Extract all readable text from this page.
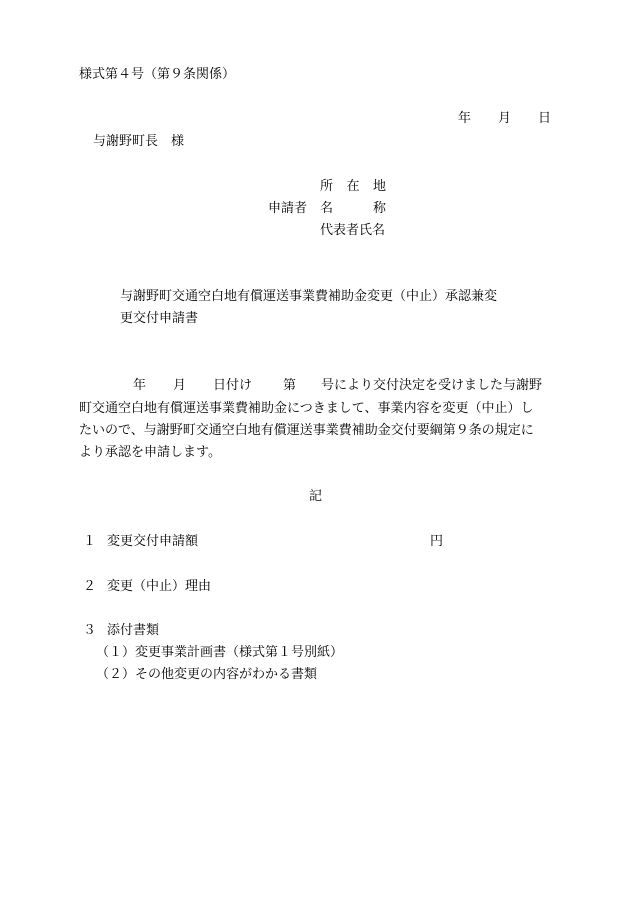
様式第４号（第９条関係）
年 月 日
与謝野町長　様
所 在 地
申請者 名	称
代表者氏名
与謝野町交通空白地有償運送事業費補助金変更（中止）承認兼変
更交付申請書
年 月 日付け 第 号により交付決定を受けました与謝野
町交通空白地有償運送事業費補助金につきまして、事業内容を変更（中止）し
たいので、与謝野町交通空白地有償運送事業費補助金交付要綱第９条の規定に
より承認を申請します。
記
１ 変更交付申請額	円
２ 変更（中止）理由
３ 添付書類
（１）変更事業計画書（様式第１号別紙）
（２）その他変更の内容がわかる書類
